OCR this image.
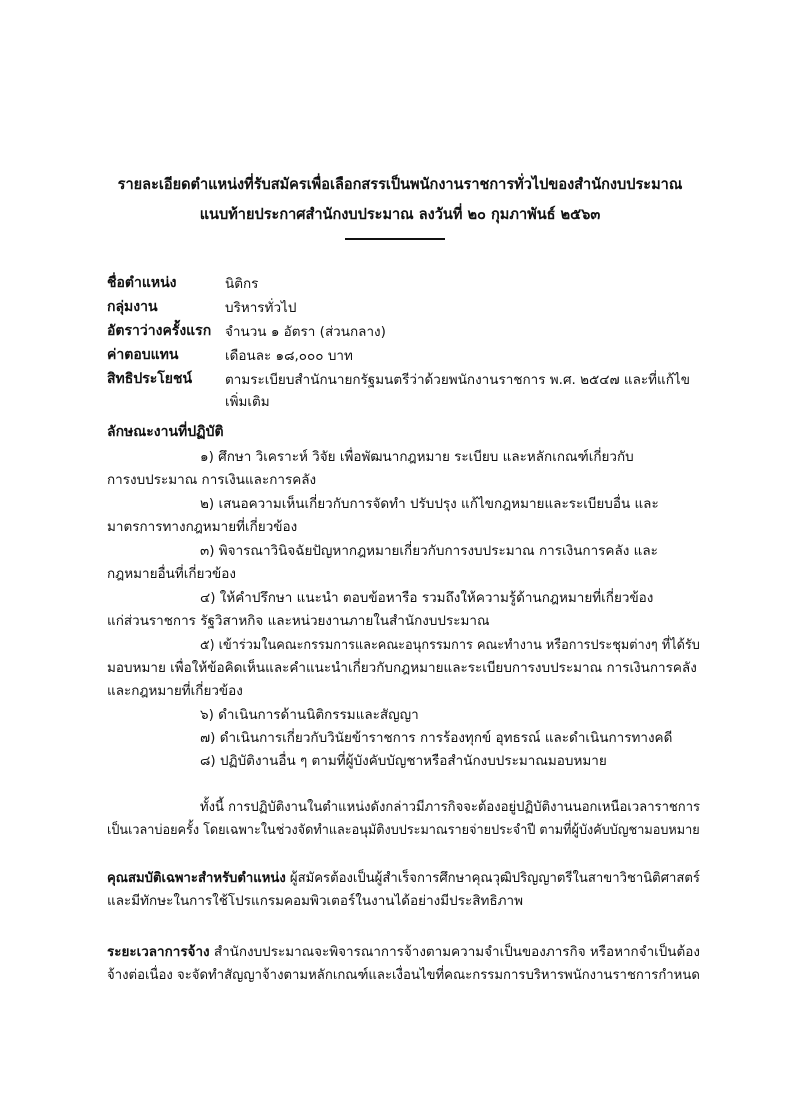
รายละเอียดตำแหน่งที่รับสมัครเพื่อเลือกสรรเป็นพนักงานราชการทั่วไปของสำนักงบประมาณ
แนบท้ายประกาศสำนักงบประมาณ ลงวันที่ ๒๐ กุมภาพันธ์ ๒๕๖๓
ชื่อตำแหน่ง	นิติกร
กลุ่มงาน	บริหารทั่วไป
อัตราว่างครั้งแรก จำนวน ๑ อัตรา (ส่วนกลาง)
ค่าตอบแทน	เดือนละ ๑๘,๐๐๐ บาท
สิทธิประโยชน์ ตามระเบียบสำนักนายกรัฐมนตรีว่าด้วยพนักงานราชการ พ.ศ. ๒๕๔๗ และที่แก้ไข
เพิ่มเติม
ลักษณะงานที่ปฏิบัติ
๑) ศึกษา วิเคราะห์ วิจัย เพื่อพัฒนากฎหมาย ระเบียบ และหลักเกณฑ์เกี่ยวกับ
การงบประมาณ การเงินและการคลัง
๒) เสนอความเห็นเกี่ยวกับการจัดทำ ปรับปรุง แก้ไขกฎหมายและระเบียบอื่น และ
มาตรการทางกฎหมายที่เกี่ยวข้อง
๓) พิจารณาวินิจฉัยปัญหากฎหมายเกี่ยวกับการงบประมาณ การเงินการคลัง และ
กฎหมายอื่นที่เกี่ยวข้อง
๔) ให้คำปรึกษา แนะนำ ตอบข้อหารือ รวมถึงให้ความรู้ด้านกฎหมายที่เกี่ยวข้อง
แก่ส่วนราชการ รัฐวิสาหกิจ และหน่วยงานภายในสำนักงบประมาณ
๕) เข้าร่วมในคณะกรรมการและคณะอนุกรรมการ คณะทำงาน หรือการประชุมต่างๆ ที่ได้รับ
มอบหมาย เพื่อให้ข้อคิดเห็นและคำแนะนำเกี่ยวกับกฎหมายและระเบียบการงบประมาณ การเงินการคลัง
และกฎหมายที่เกี่ยวข้อง
๖) ดำเนินการด้านนิติกรรมและสัญญา
๗) ดำเนินการเกี่ยวกับวินัยข้าราชการ การร้องทุกข์ อุทธรณ์ และดำเนินการทางคดี
๘) ปฏิบัติงานอื่น ๆ ตามที่ผู้บังคับบัญชาหรือสำนักงบประมาณมอบหมาย
ทั้งนี้ การปฏิบัติงานในตำแหน่งดังกล่าวมีภารกิจจะต้องอยู่ปฏิบัติงานนอกเหนือเวลาราชการ
เป็นเวลาบ่อยครั้ง โดยเฉพาะในช่วงจัดทำและอนุมัติงบประมาณรายจ่ายประจำปี ตามที่ผู้บังคับบัญชามอบหมาย
คุณสมบัติเฉพาะสำหรับตำแหน่ง ผู้สมัครต้องเป็นผู้สำเร็จการศึกษาคุณวุฒิปริญญาตรีในสาขาวิชานิติศาสตร์
และมีทักษะในการใช้โปรแกรมคอมพิวเตอร์ในงานได้อย่างมีประสิทธิภาพ
ระยะเวลาการจ้าง สำนักงบประมาณจะพิจารณาการจ้างตามความจำเป็นของภารกิจ หรือหากจำเป็นต้อง
จ้างต่อเนื่อง จะจัดทำสัญญาจ้างตามหลักเกณฑ์และเงื่อนไขที่คณะกรรมการบริหารพนักงานราชการกำหนด
